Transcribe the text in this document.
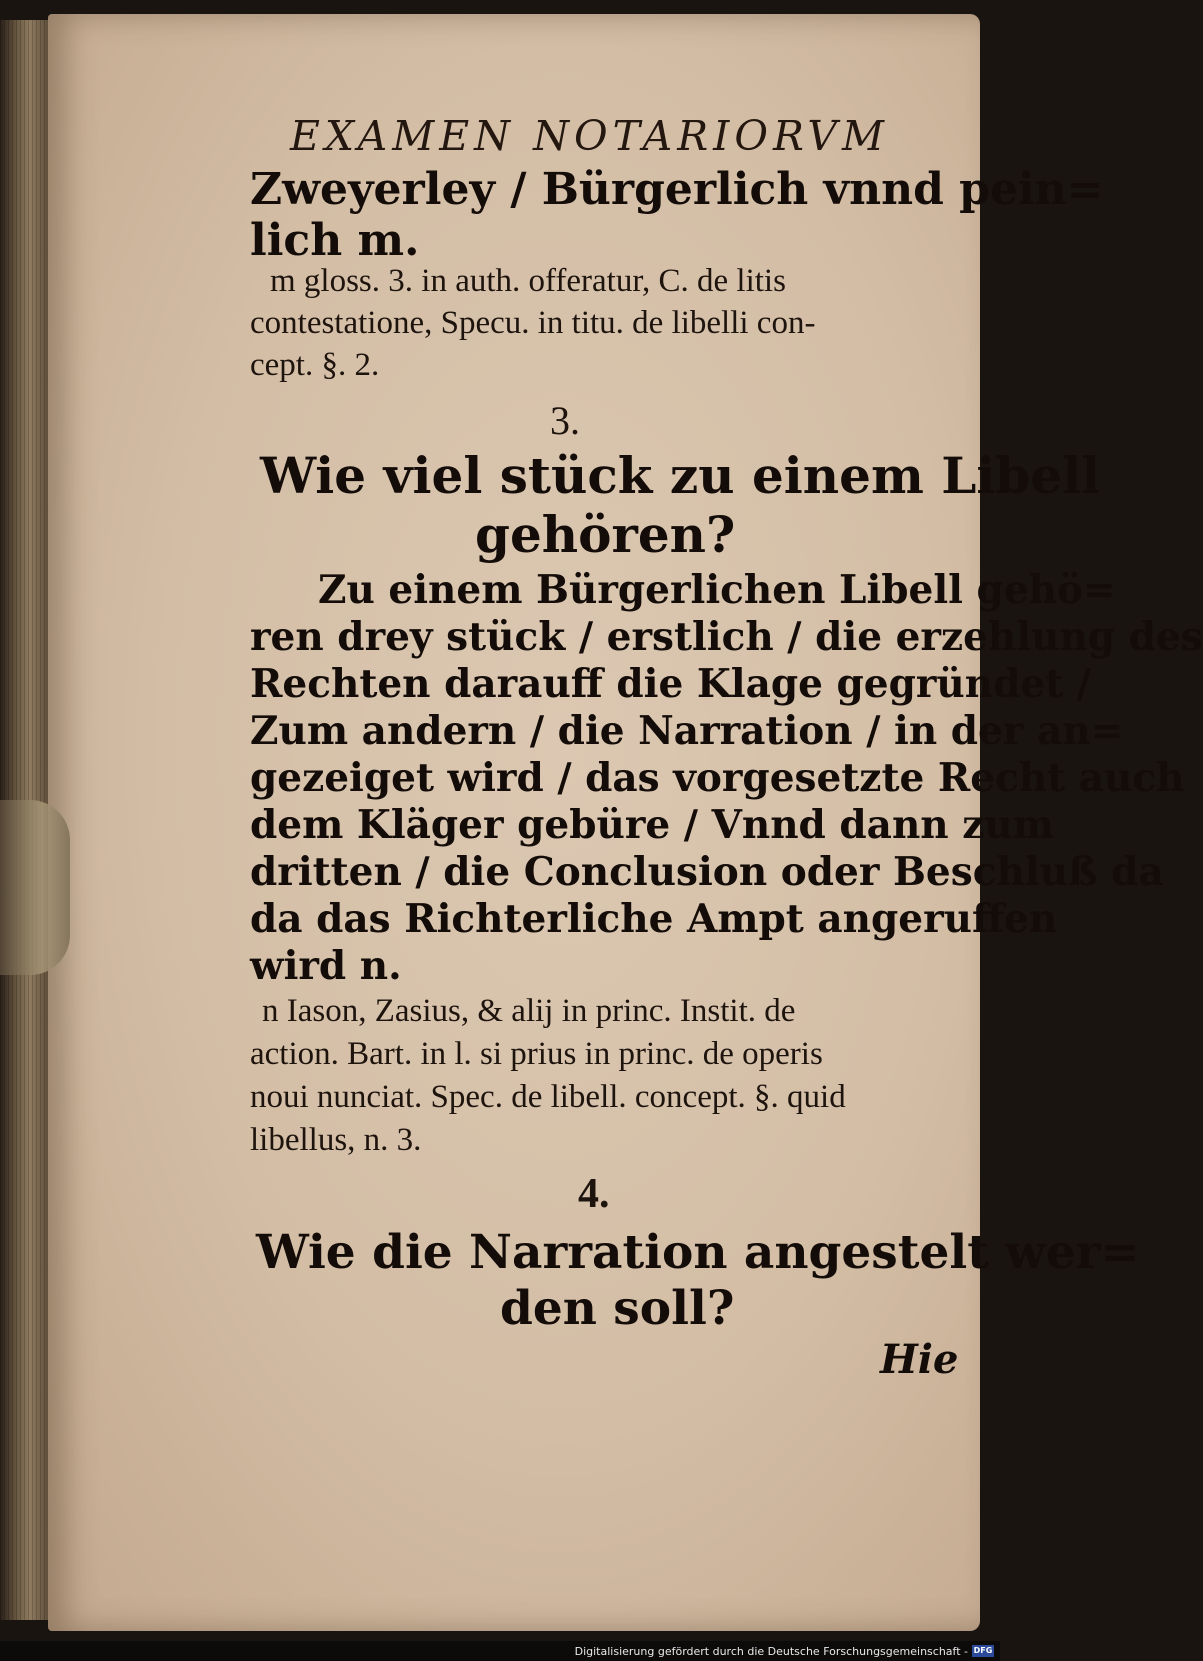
EXAMEN NOTARIORVM
Zweyerley / Bürgerlich vnnd pein=
lich m.
m gloss. 3. in auth. offeratur, C. de litis
contestatione, Specu. in titu. de libelli con-
cept. §. 2.
3.
Wie viel stück zu einem Libell
gehören?
Zu einem Bürgerlichen Libell gehö=
ren drey stück / erstlich / die erzehlung des
Rechten darauff die Klage gegründet /
Zum andern / die Narration / in der an=
gezeiget wird / das vorgesetzte Recht auch
dem Kläger gebüre / Vnnd dann zum
dritten / die Conclusion oder Beschluß da
da das Richterliche Ampt angeruffen
wird n.
n Iason, Zasius, & alij in princ. Instit. de
action. Bart. in l. si prius in princ. de operis
noui nunciat. Spec. de libell. concept. §. quid
libellus, n. 3.
4.
Wie die Narration angestelt wer=
den soll?
Hie
Digitalisierung gefördert durch die Deutsche Forschungsgemeinschaft - DFG
